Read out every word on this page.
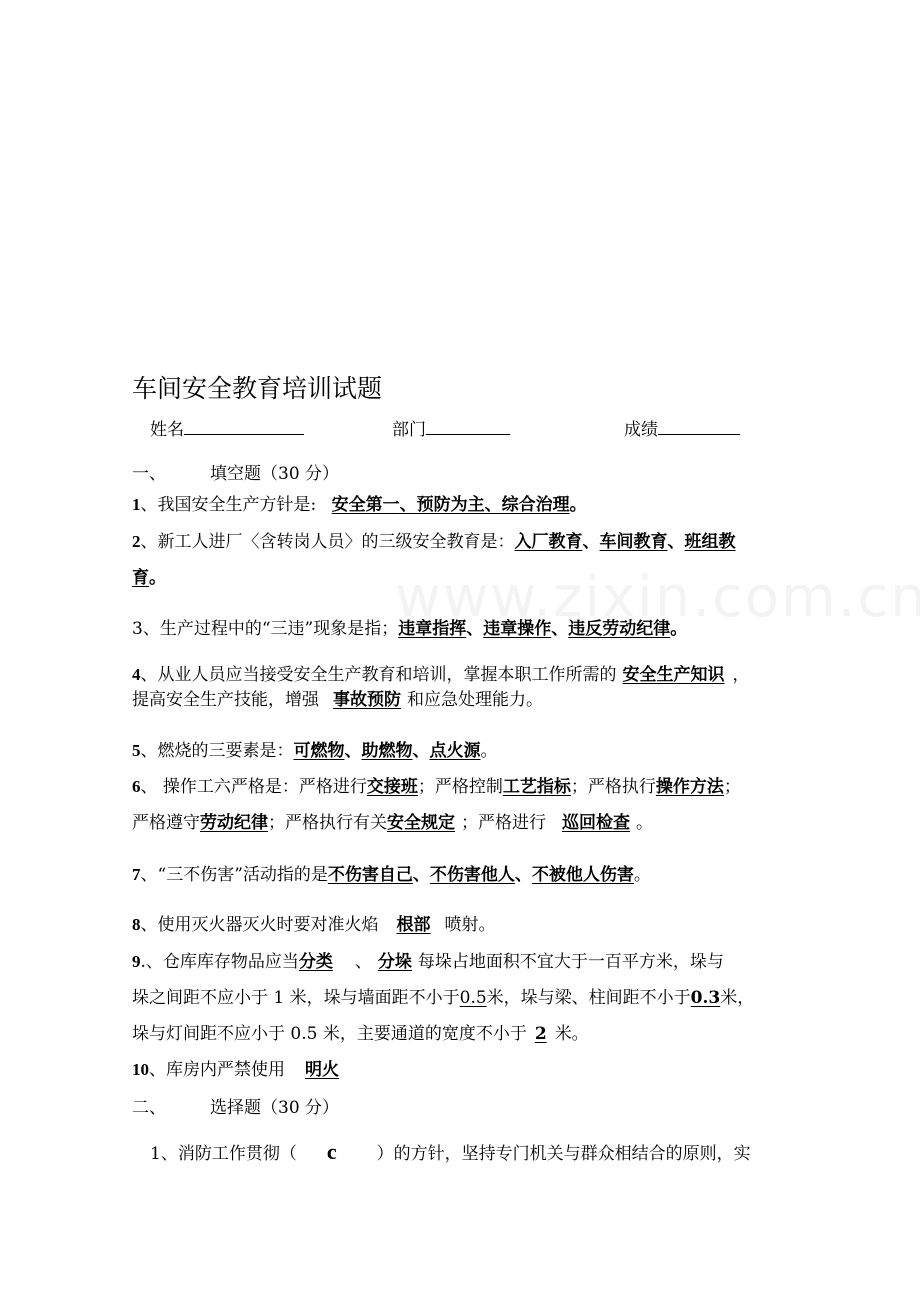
车间安全教育培训试题
姓名	部门	成绩
一、	填空题（30 分）
1、我国安全生产方针是: 安全第一、预防为主、综合治理。
2、新工人进厂〈含转岗人员〉的三级安全教育是：入厂教育、车间教育、班组教
育。
3、生产过程中的“三违”现象是指；违章指挥、违章操作、违反劳动纪律。
4、从业人员应当接受安全生产教育和培训，掌握本职工作所需的 安全生产知识 ，
提高安全生产技能，增强 事故预防 和应急处理能力。
5、燃烧的三要素是：可燃物、助燃物、点火源。
6、 操作工六严格是：严格进行交接班；严格控制工艺指标；严格执行操作方法；
严格遵守劳动纪律；严格执行有关安全规定 ；严格进行 巡回检查 。
7、“三不伤害”活动指的是不伤害自己、不伤害他人、不被他人伤害。
8、使用灭火器灭火时要对准火焰 根部 喷射。
9.、仓库库存物品应当分类 、 分垛 每垛占地面积不宜大于一百平方米，垛与
垛之间距不应小于 1 米，垛与墙面距不小于0.5米，垛与梁、柱间距不小于0.3米，
垛与灯间距不应小于 0.5 米，主要通道的宽度不小于 2 米。
10、库房内严禁使用 明火
二、	选择题（30 分）
1、消防工作贯彻（ c ）的方针，坚持专门机关与群众相结合的原则，实
